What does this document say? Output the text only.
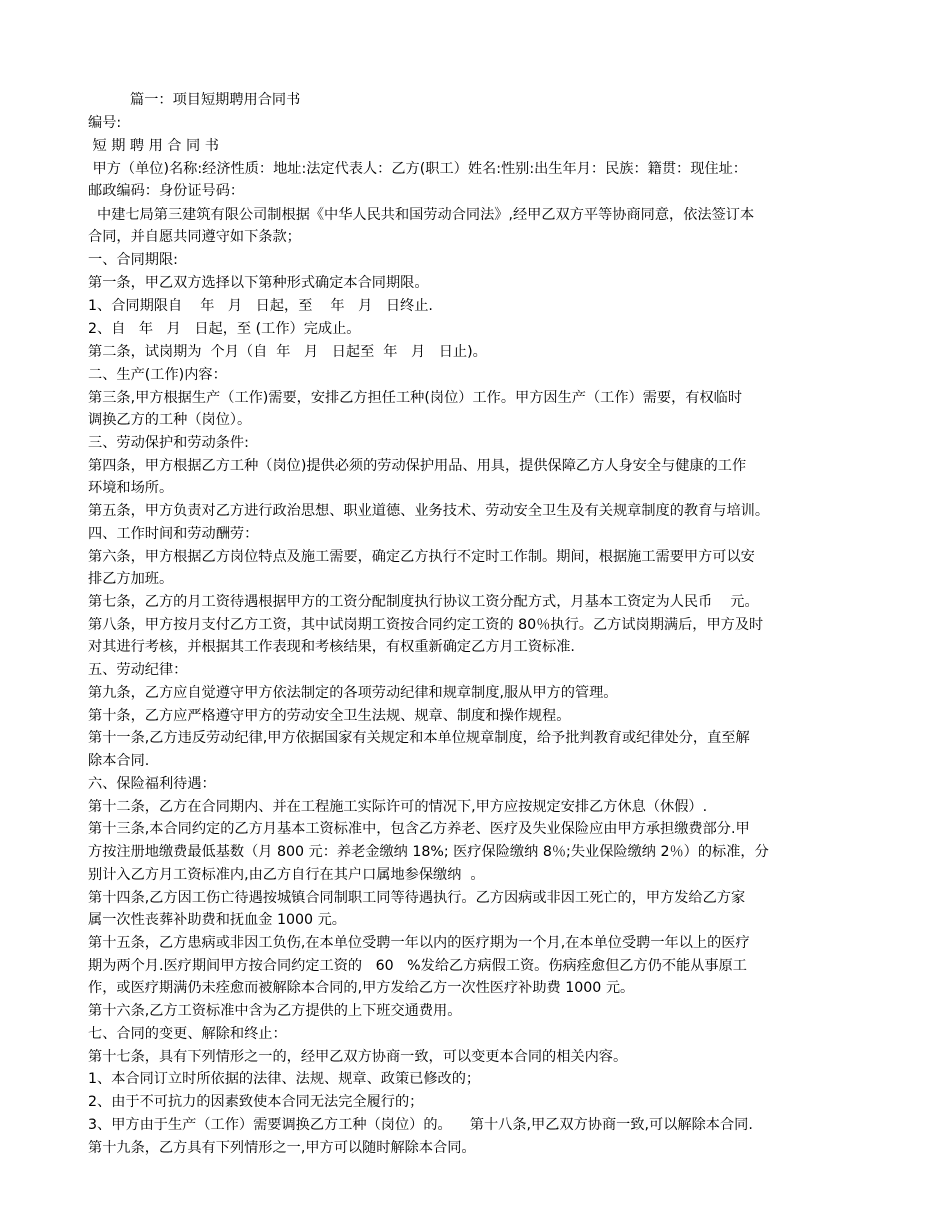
篇一：项目短期聘用合同书
编号:
短 期 聘 用 合 同 书
甲方（单位)名称:经济性质：地址:法定代表人：乙方(职工）姓名:性别:出生年月：民族：籍贯：现住址：
邮政编码：身份证号码：
中建七局第三建筑有限公司制根据《中华人民共和国劳动合同法》,经甲乙双方平等协商同意，依法签订本
合同，并自愿共同遵守如下条款；
一、合同期限:
第一条，甲乙双方选择以下第种形式确定本合同期限。
1、合同期限自    年   月   日起，至    年   月   日终止.
2、自   年   月   日起，至 (工作）完成止。
第二条，试岗期为  个月（自  年   月   日起至  年   月   日止)。
二、生产(工作)内容：
第三条,甲方根据生产（工作)需要，安排乙方担任工种(岗位）工作。甲方因生产（工作）需要，有权临时
调换乙方的工种（岗位）。
三、劳动保护和劳动条件:
第四条，甲方根据乙方工种（岗位)提供必须的劳动保护用品、用具，提供保障乙方人身安全与健康的工作
环境和场所。
第五条，甲方负责对乙方进行政治思想、职业道德、业务技术、劳动安全卫生及有关规章制度的教育与培训。
四、工作时间和劳动酬劳：
第六条，甲方根据乙方岗位特点及施工需要，确定乙方执行不定时工作制。期间，根据施工需要甲方可以安
排乙方加班。
第七条，乙方的月工资待遇根据甲方的工资分配制度执行协议工资分配方式，月基本工资定为人民币    元。
第八条，甲方按月支付乙方工资，其中试岗期工资按合同约定工资的 80％执行。乙方试岗期满后，甲方及时
对其进行考核，并根据其工作表现和考核结果，有权重新确定乙方月工资标准.
五、劳动纪律：
第九条，乙方应自觉遵守甲方依法制定的各项劳动纪律和规章制度,服从甲方的管理。
第十条，乙方应严格遵守甲方的劳动安全卫生法规、规章、制度和操作规程。
第十一条,乙方违反劳动纪律,甲方依据国家有关规定和本单位规章制度，给予批判教育或纪律处分，直至解
除本合同.
六、保险福利待遇：
第十二条，乙方在合同期内、并在工程施工实际许可的情况下,甲方应按规定安排乙方休息（休假）.
第十三条,本合同约定的乙方月基本工资标准中，包含乙方养老、医疗及失业保险应由甲方承担缴费部分.甲
方按注册地缴费最低基数（月 800 元：养老金缴纳 18%; 医疗保险缴纳 8％;失业保险缴纳 2％）的标准，分
别计入乙方月工资标准内,由乙方自行在其户口属地参保缴纳  。
第十四条,乙方因工伤亡待遇按城镇合同制职工同等待遇执行。乙方因病或非因工死亡的，甲方发给乙方家
属一次性丧葬补助费和抚血金 1000 元。
第十五条，乙方患病或非因工负伤,在本单位受聘一年以内的医疗期为一个月,在本单位受聘一年以上的医疗
期为两个月.医疗期间甲方按合同约定工资的   60   %发给乙方病假工资。伤病痊愈但乙方仍不能从事原工
作，或医疗期满仍未痊愈而被解除本合同的,甲方发给乙方一次性医疗补助费 1000 元。
第十六条,乙方工资标准中含为乙方提供的上下班交通费用。
七、合同的变更、解除和终止：
第十七条，具有下列情形之一的，经甲乙双方协商一致，可以变更本合同的相关内容。
1、本合同订立时所依据的法律、法规、规章、政策已修改的；
2、由于不可抗力的因素致使本合同无法完全履行的；
3、甲方由于生产（工作）需要调换乙方工种（岗位）的。    第十八条,甲乙双方协商一致,可以解除本合同.
第十九条，乙方具有下列情形之一,甲方可以随时解除本合同。
